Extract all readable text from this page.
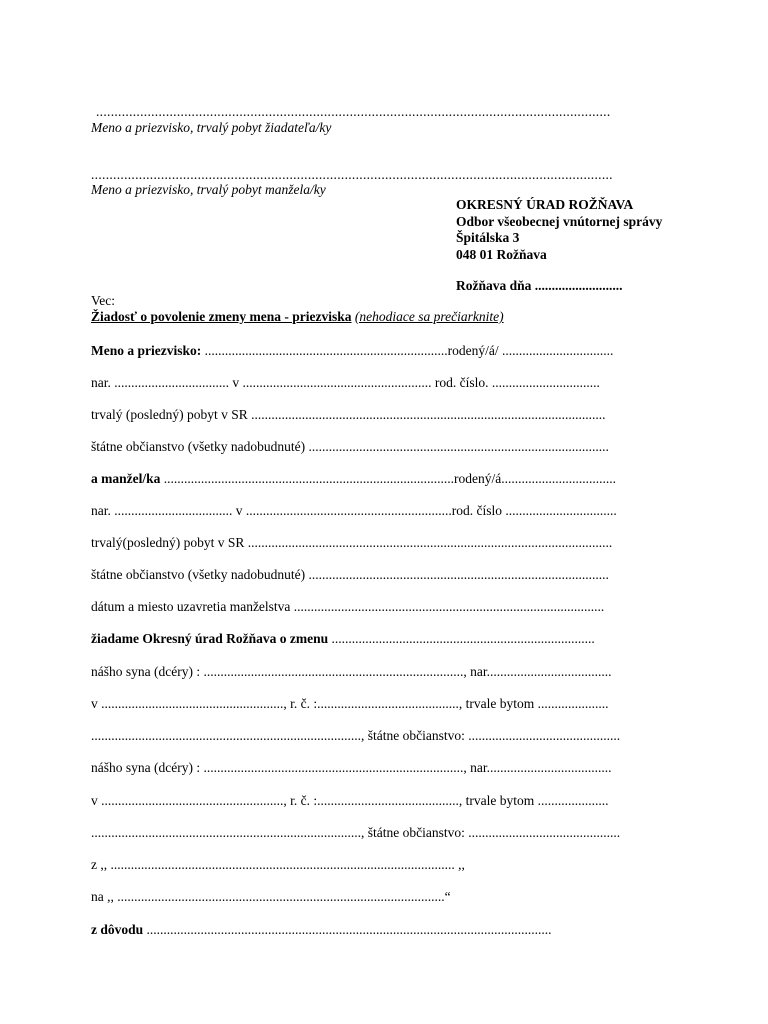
............................................................................................................................................
Meno a priezvisko, trvalý pobyt žiadateľa/ky
..............................................................................................................................................
Meno a priezvisko, trvalý pobyt manžela/ky
OKRESNÝ ÚRAD ROŽŇAVA
Odbor všeobecnej vnútornej správy
Špitálska 3
048 01 Rožňava
Rožňava dňa ..........................
Vec:
Žiadosť o povolenie zmeny mena - priezviska (nehodiace sa prečiarknite)
Meno a priezvisko: ........................................................................rodený/á/ .................................
nar. .................................. v ........................................................ rod. číslo. ................................
trvalý (posledný) pobyt v SR .........................................................................................................
štátne občianstvo (všetky nadobudnuté) .........................................................................................
a manžel/ka ......................................................................................rodený/á..................................
nar. ................................... v .............................................................rod. číslo .................................
trvalý(posledný) pobyt v SR ............................................................................................................
štátne občianstvo (všetky nadobudnuté) .........................................................................................
dátum a miesto uzavretia manželstva ............................................................................................
žiadame Okresný úrad Rožňava o zmenu ..............................................................................
nášho syna (dcéry) : ............................................................................., nar.....................................
v ......................................................, r. č. :.........................................., trvale bytom .....................
................................................................................, štátne občianstvo: .............................................
nášho syna (dcéry) : ............................................................................., nar.....................................
v ......................................................, r. č. :.........................................., trvale bytom .....................
................................................................................, štátne občianstvo: .............................................
z ,, ...................................................................................................... ,,
na ,, .................................................................................................“
z dôvodu ........................................................................................................................
